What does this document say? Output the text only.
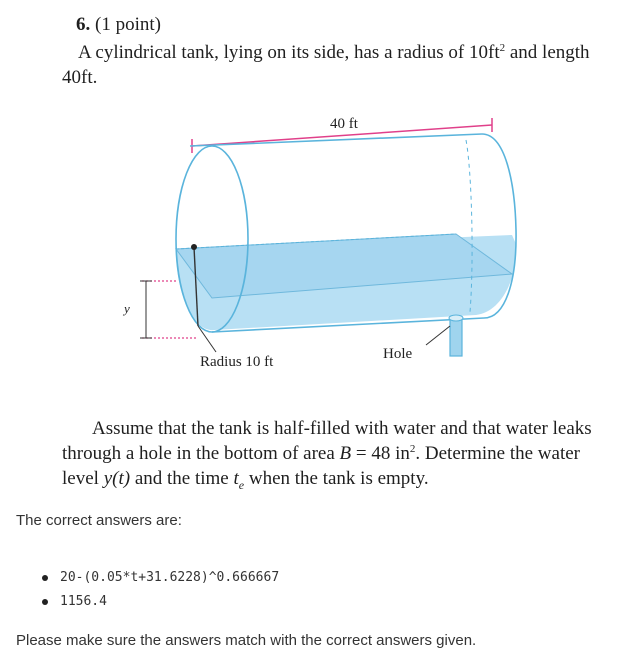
6. (1 point)
A cylindrical tank, lying on its side, has a radius of $10ft^2$ and length 40ft.
40 ft
y
Radius 10 ft	Hole
Assume that the tank is half-filled with water and that water leaks through a hole in the bottom of area B = 48 $in^2$. Determine the water level y(t) and the time $t_e$ when the tank is empty.
The correct answers are:
20-(0.05*t+31.6228)^0.666667
1156.4
Please make sure the answers match with the correct answers given.
